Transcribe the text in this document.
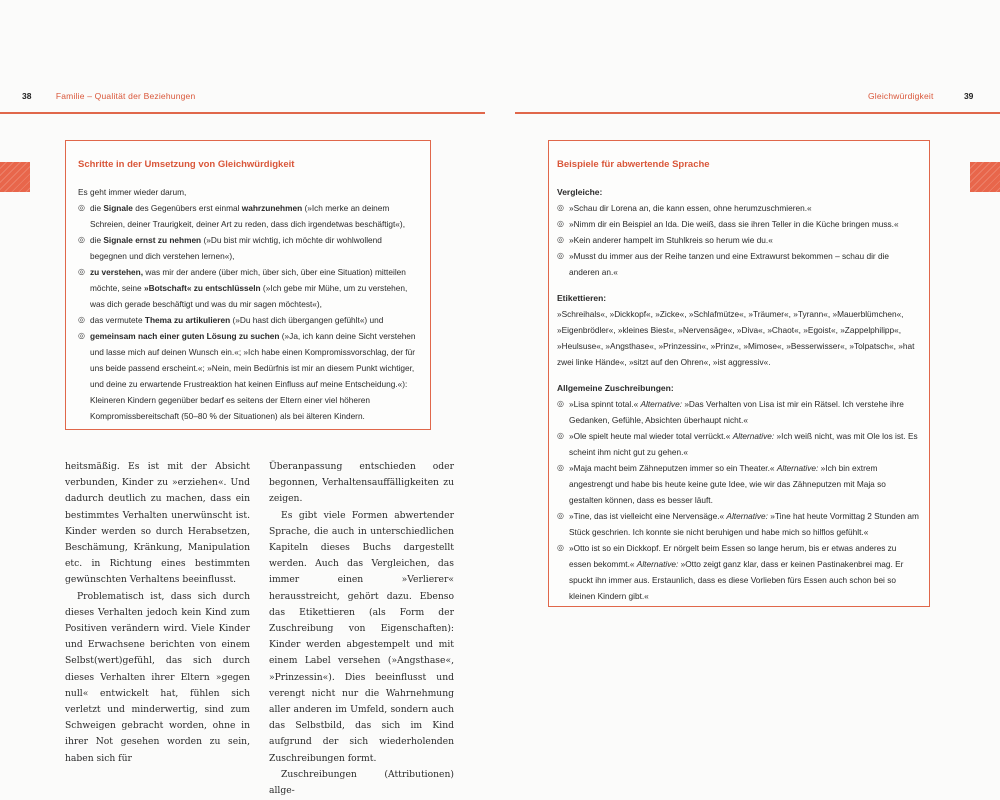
38	Familie – Qualität der Beziehungen	Gleichwürdigkeit	39
Schritte in der Umsetzung von Gleichwürdigkeit

Es geht immer wieder darum,

◎ die Signale des Gegenübers erst einmal wahrzunehmen (»Ich merke an deinem Schreien, deiner Traurigkeit, deiner Art zu reden, dass dich irgendetwas beschäftigt«),
◎ die Signale ernst zu nehmen (»Du bist mir wichtig, ich möchte dir wohlwollend begegnen und dich verstehen lernen«),
◎ zu verstehen, was mir der andere (über mich, über sich, über eine Situation) mitteilen möchte, seine »Botschaft« zu entschlüsseln (»Ich gebe mir Mühe, um zu verstehen, was dich gerade beschäftigt und was du mir sagen möchtest«),
◎ das vermutete Thema zu artikulieren (»Du hast dich übergangen gefühlt«) und
◎ gemeinsam nach einer guten Lösung zu suchen (»Ja, ich kann deine Sicht verstehen und lasse mich auf deinen Wunsch ein.«; »Ich habe einen Kompromissvorschlag, der für uns beide passend erscheint.«; »Nein, mein Bedürfnis ist mir an diesem Punkt wichtiger, und deine zu erwartende Frustreaktion hat keinen Einfluss auf meine Entscheidung.«): Kleineren Kindern gegenüber bedarf es seitens der Eltern einer viel höheren Kompromissbereitschaft (50–80 % der Situationen) als bei älteren Kindern.

heitsmäßig. Es ist mit der Absicht verbunden, Kinder zu »erziehen«. Und dadurch deutlich zu machen, dass ein bestimmtes Verhalten unerwünscht ist. Kinder werden so durch Herabsetzen, Beschämung, Kränkung, Manipulation etc. in Richtung eines bestimmten gewünschten Verhaltens beeinflusst.

Problematisch ist, dass sich durch dieses Verhalten jedoch kein Kind zum Positiven verändern wird. Viele Kinder und Erwachsene berichten von einem Selbst(wert)gefühl, das sich durch dieses Verhalten ihrer Eltern »gegen null« entwickelt hat, fühlen sich verletzt und minderwertig, sind zum Schweigen gebracht worden, ohne in ihrer Not gesehen worden zu sein, haben sich für

Überanpassung entschieden oder begonnen, Verhaltensauffälligkeiten zu zeigen.

Es gibt viele Formen abwertender Sprache, die auch in unterschiedlichen Kapiteln dieses Buchs dargestellt werden. Auch das Vergleichen, das immer einen »Verlierer« herausstreicht, gehört dazu. Ebenso das Etikettieren (als Form der Zuschreibung von Eigenschaften): Kinder werden abgestempelt und mit einem Label versehen (»Angsthase«, »Prinzessin«). Dies beeinflusst und verengt nicht nur die Wahrnehmung aller anderen im Umfeld, sondern auch das Selbstbild, das sich im Kind aufgrund der sich wiederholenden Zuschreibungen formt.

Zuschreibungen (Attributionen) allge-

Beispiele für abwertende Sprache
Vergleiche:
◎ »Schau dir Lorena an, die kann essen, ohne herumzuschmieren.«
◎ »Nimm dir ein Beispiel an Ida. Die weiß, dass sie ihren Teller in die Küche bringen muss.«
◎ »Kein anderer hampelt im Stuhlkreis so herum wie du.«
◎ »Musst du immer aus der Reihe tanzen und eine Extrawurst bekommen – schau dir die anderen an.«
Etikettieren:

»Schreihals«, »Dickkopf«, »Zicke«, »Schlafmütze«, »Träumer«, »Tyrann«, »Mauerblümchen«, »Eigenbrödler«, »kleines Biest«, »Nervensäge«, »Diva«, »Chaot«, »Egoist«, »Zappelphilipp«, »Heulsuse«, »Angsthase«, »Prinzessin«, »Prinz«, »Mimose«, »Besserwisser«, »Tolpatsch«, »hat zwei linke Hände«, »sitzt auf den Ohren«, »ist aggressiv«.

Allgemeine Zuschreibungen:
◎ »Lisa spinnt total.« Alternative: »Das Verhalten von Lisa ist mir ein Rätsel. Ich verstehe ihre Gedanken, Gefühle, Absichten überhaupt nicht.«
◎ »Ole spielt heute mal wieder total verrückt.« Alternative: »Ich weiß nicht, was mit Ole los ist. Es scheint ihm nicht gut zu gehen.«
◎ »Maja macht beim Zähneputzen immer so ein Theater.« Alternative: »Ich bin extrem angestrengt und habe bis heute keine gute Idee, wie wir das Zähneputzen mit Maja so gestalten können, dass es besser läuft.
◎ »Tine, das ist vielleicht eine Nervensäge.« Alternative: »Tine hat heute Vormittag 2 Stunden am Stück geschrien. Ich konnte sie nicht beruhigen und habe mich so hilflos gefühlt.«
◎ »Otto ist so ein Dickkopf. Er nörgelt beim Essen so lange herum, bis er etwas anderes zu essen bekommt.« Alternative: »Otto zeigt ganz klar, dass er keinen Pastinakenbrei mag. Er spuckt ihn immer aus. Erstaunlich, dass es diese Vorlieben fürs Essen auch schon bei so kleinen Kindern gibt.«
